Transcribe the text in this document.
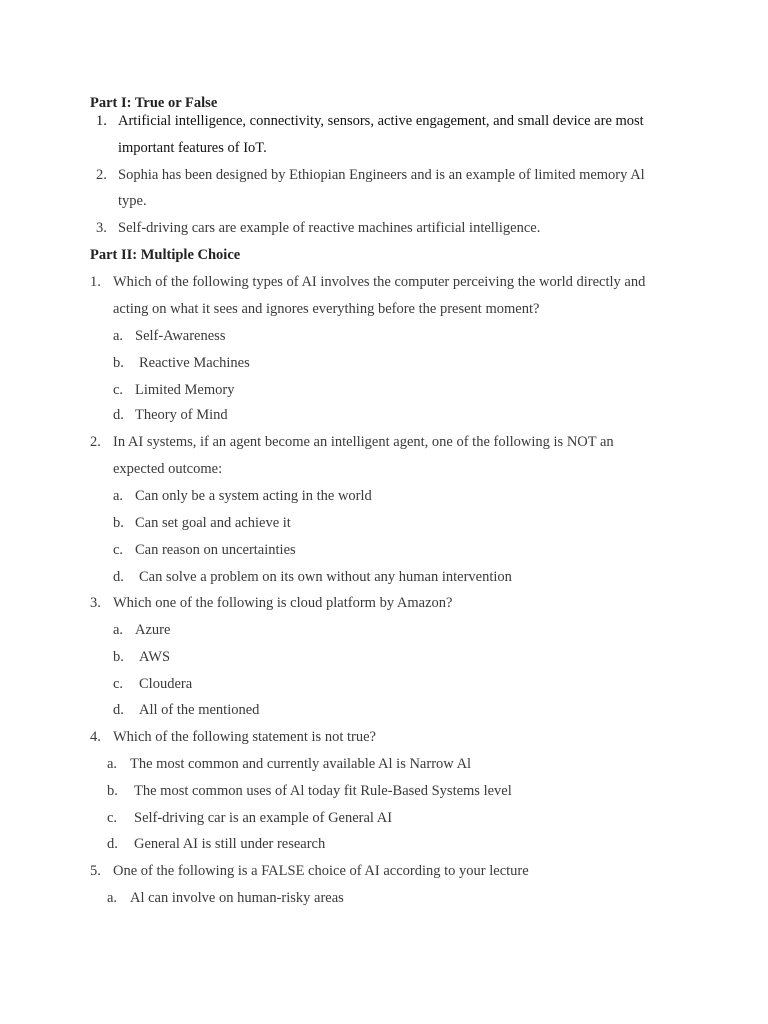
Part I: True or False
1. Artificial intelligence, connectivity, sensors, active engagement, and small device are most
important features of IoT.
2. Sophia has been designed by Ethiopian Engineers and is an example of limited memory Al
type.
3. Self-driving cars are example of reactive machines artificial intelligence.
Part II: Multiple Choice
1. Which of the following types of AI involves the computer perceiving the world directly and
acting on what it sees and ignores everything before the present moment?
a. Self-Awareness
b. Reactive Machines
c. Limited Memory
d. Theory of Mind
2. In AI systems, if an agent become an intelligent agent, one of the following is NOT an
expected outcome:
a. Can only be a system acting in the world
b. Can set goal and achieve it
c. Can reason on uncertainties
d. Can solve a problem on its own without any human intervention
3. Which one of the following is cloud platform by Amazon?
a. Azure
b. AWS
c. Cloudera
d. All of the mentioned
4. Which of the following statement is not true?
a. The most common and currently available Al is Narrow Al
b. The most common uses of Al today fit Rule-Based Systems level
c. Self-driving car is an example of General AI
d. General AI is still under research
5. One of the following is a FALSE choice of AI according to your lecture
a. Al can involve on human-risky areas
